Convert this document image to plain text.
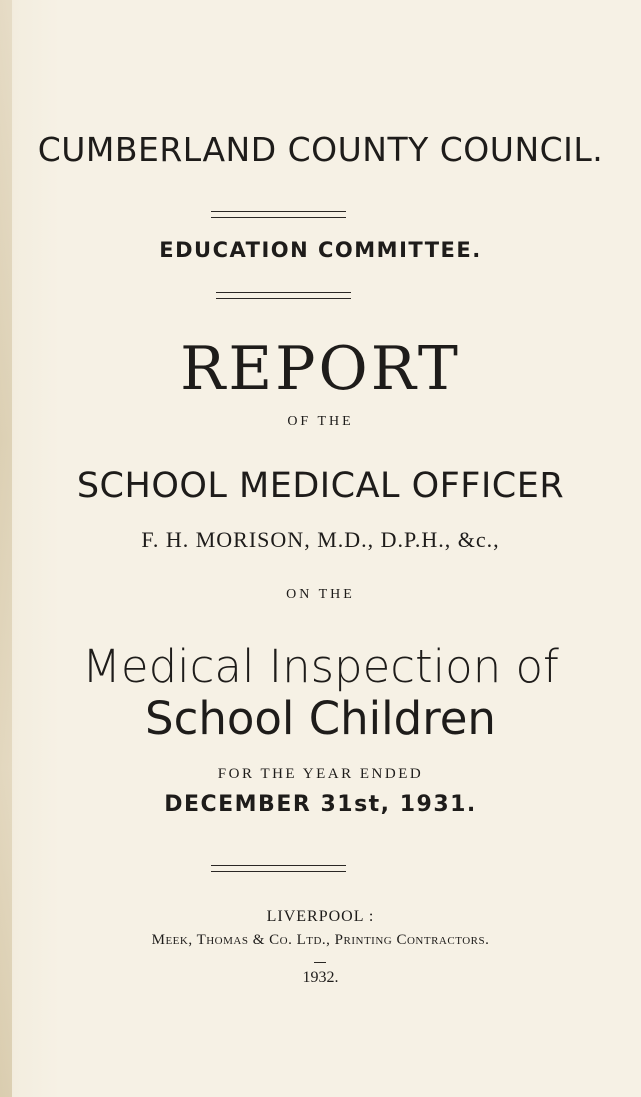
CUMBERLAND COUNTY COUNCIL.
EDUCATION COMMITTEE.
REPORT
OF THE
SCHOOL MEDICAL OFFICER
F. H. MORISON, M.D., D.P.H., &c.,
ON THE
Medical Inspection of
School Children
FOR THE YEAR ENDED
DECEMBER 31st, 1931.
LIVERPOOL :
Meek, Thomas & Co. Ltd., Printing Contractors.
1932.
